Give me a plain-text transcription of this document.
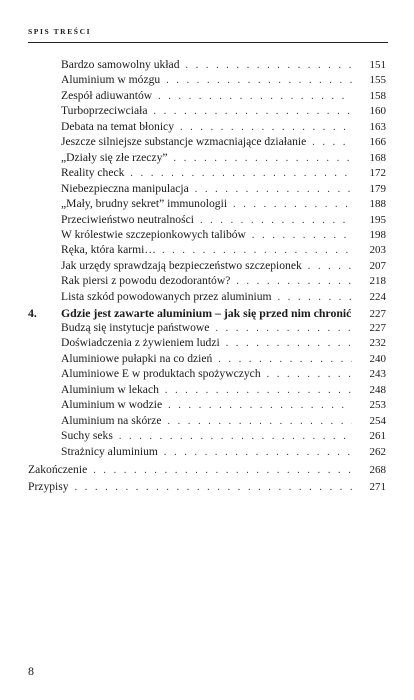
SPIS TREŚCI
Bardzo samowolny układ . . .	151
Aluminium w mózgu . . .	155
Zespół adiuwantów . . .	158
Turboprzeciwciała . . .	160
Debata na temat błonicy . . .	163
Jeszcze silniejsze substancje wzmacniające działanie . . .	166
„Działy się złe rzeczy” . . .	168
Reality check . . .	172
Niebezpieczna manipulacja . . .	179
„Mały, brudny sekret” immunologii . . .	188
Przeciwieństwo neutralności . . .	195
W królestwie szczepionkowych talibów . . .	198
Ręka, która karmi… . . .	203
Jak urzędy sprawdzają bezpieczeństwo szczepionek . . .	207
Rak piersi z powodu dezodorantów? . . .	218
Lista szkód powodowanych przez aluminium . . .	224
4.	Gdzie jest zawarte aluminium – jak się przed nim chronić	227
Budzą się instytucje państwowe . . .	227
Doświadczenia z żywieniem ludzi . . .	232
Aluminiowe pułapki na co dzień . . .	240
Aluminiowe E w produktach spożywczych . . .	243
Aluminium w lekach . . .	248
Aluminium w wodzie . . .	253
Aluminium na skórze . . .	254
Suchy seks . . .	261
Strażnicy aluminium . . .	262
Zakończenie . . .	268
Przypisy . . .	271
8
